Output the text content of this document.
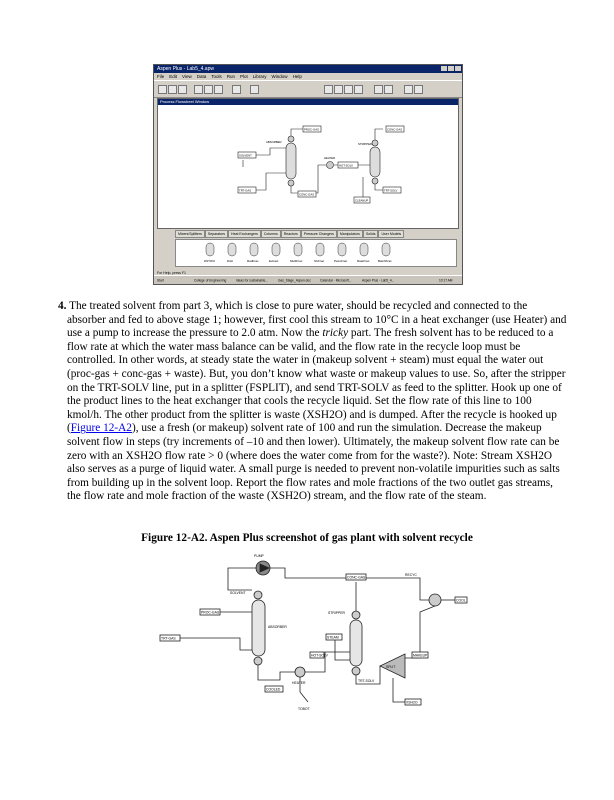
Aspen Plus - Lab5_4.apw
File Edit View Data Tools Run Plot Library Window Help
Process Flowsheet Window
PROC-GAS	CONC-GAS
SOLVENT
TRT-GAS
HOT-SOLV
TRT-SOLV
CLEANUP
CONC-GAS
ABSORBER
HEATER
STRIPPER
Mixers/Splitters	Separators	Heat Exchangers	Columns	Reactors	Pressure Changers	Manipulators	Solids	User Models
DSTWU	Distl	RadFrac	Extract	MultiFrac	SCFrac	PetroFrac	RateFrac	BatchFrac
For Help, press F1
Start	College of Engineering	Ideas for sustainable...	Gas_Stage_Aspen.doc	Calendar - Microsoft...	Aspen Plus - Lab5_4...	10:17 AM

4. The treated solvent from part 3, which is close to pure water, should be recycled and connected to the absorber and fed to above stage 1; however, first cool this stream to 10°C in a heat exchanger (use Heater) and use a pump to increase the pressure to 2.0 atm. Now the tricky part. The fresh solvent has to be reduced to a flow rate at which the water mass balance can be valid, and the flow rate in the recycle loop must be controlled. In other words, at steady state the water in (makeup solvent + steam) must equal the water out (proc-gas + conc-gas + waste). But, you don’t know what waste or makeup values to use. So, after the stripper on the TRT-SOLV line, put in a splitter (FSPLIT), and send TRT-SOLV as feed to the splitter. Hook up one of the product lines to the heat exchanger that cools the recycle liquid. Set the flow rate of this line to 100 kmol/h. The other product from the splitter is waste (XSH2O) and is dumped. After the recycle is hooked up (Figure 12-A2), use a fresh (or makeup) solvent rate of 100 and run the simulation. Decrease the makeup solvent flow in steps (try increments of –10 and then lower). Ultimately, the makeup solvent flow rate can be zero with an XSH2O flow rate > 0 (where does the water come from for the waste?). Note: Stream XSH2O also serves as a purge of liquid water. A small purge is needed to prevent non-volatile impurities such as salts from building up in the solvent loop. Report the flow rates and mole fractions of the two outlet gas streams, the flow rate and mole fraction of the waste (XSH2O) stream, and the flow rate of the steam.

Figure 12-A2. Aspen Plus screenshot of gas plant with solvent recycle
PUMP
RECYC
CONC-GAS
COOL
ABSORBER
PROC-GAS
TRT-GAS	STEAM
HEATER
STRIPPER
HOT-SOLV
TRT-SOLV
SPLIT
MAKEUP
XSH2O
TOBOT
SOLVENT
COOLED
